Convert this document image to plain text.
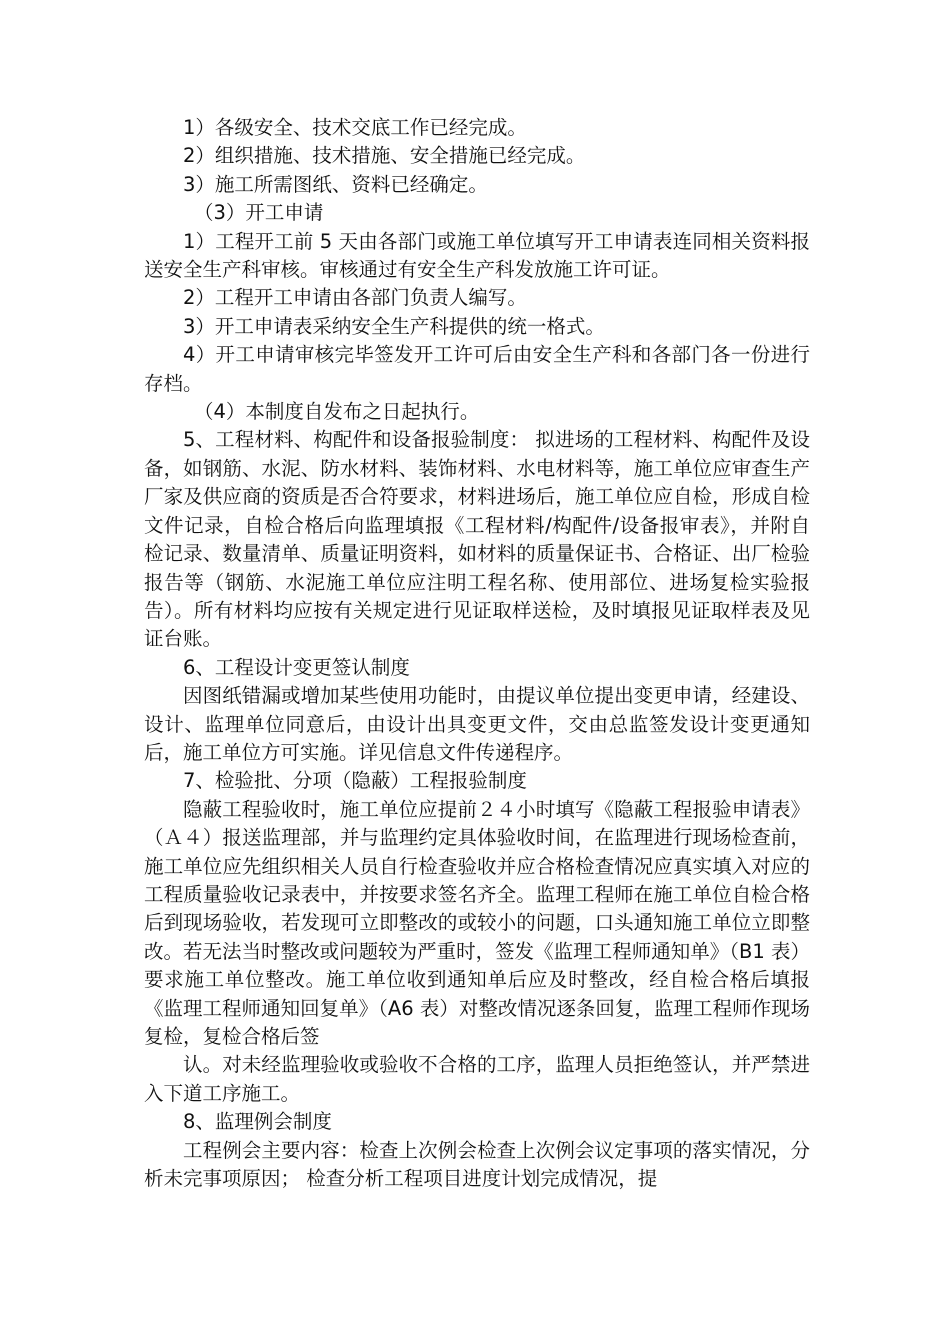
1）各级安全、技术交底工作已经完成。

2）组织措施、技术措施、安全措施已经完成。

3）施工所需图纸、资料已经确定。

（3）开工申请

1）工程开工前 5 天由各部门或施工单位填写开工申请表连同相关资料报送安全生产科审核。审核通过有安全生产科发放施工许可证。

2）工程开工申请由各部门负责人编写。

3）开工申请表采纳安全生产科提供的统一格式。

4）开工申请审核完毕签发开工许可后由安全生产科和各部门各一份进行存档。

（4）本制度自发布之日起执行。

5、工程材料、构配件和设备报验制度： 拟进场的工程材料、构配件及设备，如钢筋、水泥、防水材料、装饰材料、水电材料等，施工单位应审查生产厂家及供应商的资质是否合符要求，材料进场后，施工单位应自检，形成自检文件记录，自检合格后向监理填报《工程材料/构配件/设备报审表》，并附自检记录、数量清单、质量证明资料，如材料的质量保证书、合格证、出厂检验报告等（钢筋、水泥施工单位应注明工程名称、使用部位、进场复检实验报告）。所有材料均应按有关规定进行见证取样送检，及时填报见证取样表及见证台账。

6、工程设计变更签认制度

因图纸错漏或增加某些使用功能时，由提议单位提出变更申请，经建设、设计、监理单位同意后，由设计出具变更文件，交由总监签发设计变更通知后，施工单位方可实施。详见信息文件传递程序。

7、检验批、分项（隐蔽）工程报验制度

隐蔽工程验收时，施工单位应提前２４小时填写《隐蔽工程报验申请表》（Ａ４）报送监理部，并与监理约定具体验收时间，在监理进行现场检查前，施工单位应先组织相关人员自行检查验收并应合格检查情况应真实填入对应的工程质量验收记录表中，并按要求签名齐全。监理工程师在施工单位自检合格后到现场验收，若发现可立即整改的或较小的问题，口头通知施工单位立即整改。若无法当时整改或问题较为严重时，签发《监理工程师通知单》（B1 表）要求施工单位整改。施工单位收到通知单后应及时整改，经自检合格后填报《监理工程师通知回复单》（A6 表）对整改情况逐条回复，监理工程师作现场复检，复检合格后签

认。对未经监理验收或验收不合格的工序，监理人员拒绝签认，并严禁进入下道工序施工。

8、监理例会制度

工程例会主要内容：检查上次例会检查上次例会议定事项的落实情况，分析未完事项原因； 检查分析工程项目进度计划完成情况，提
